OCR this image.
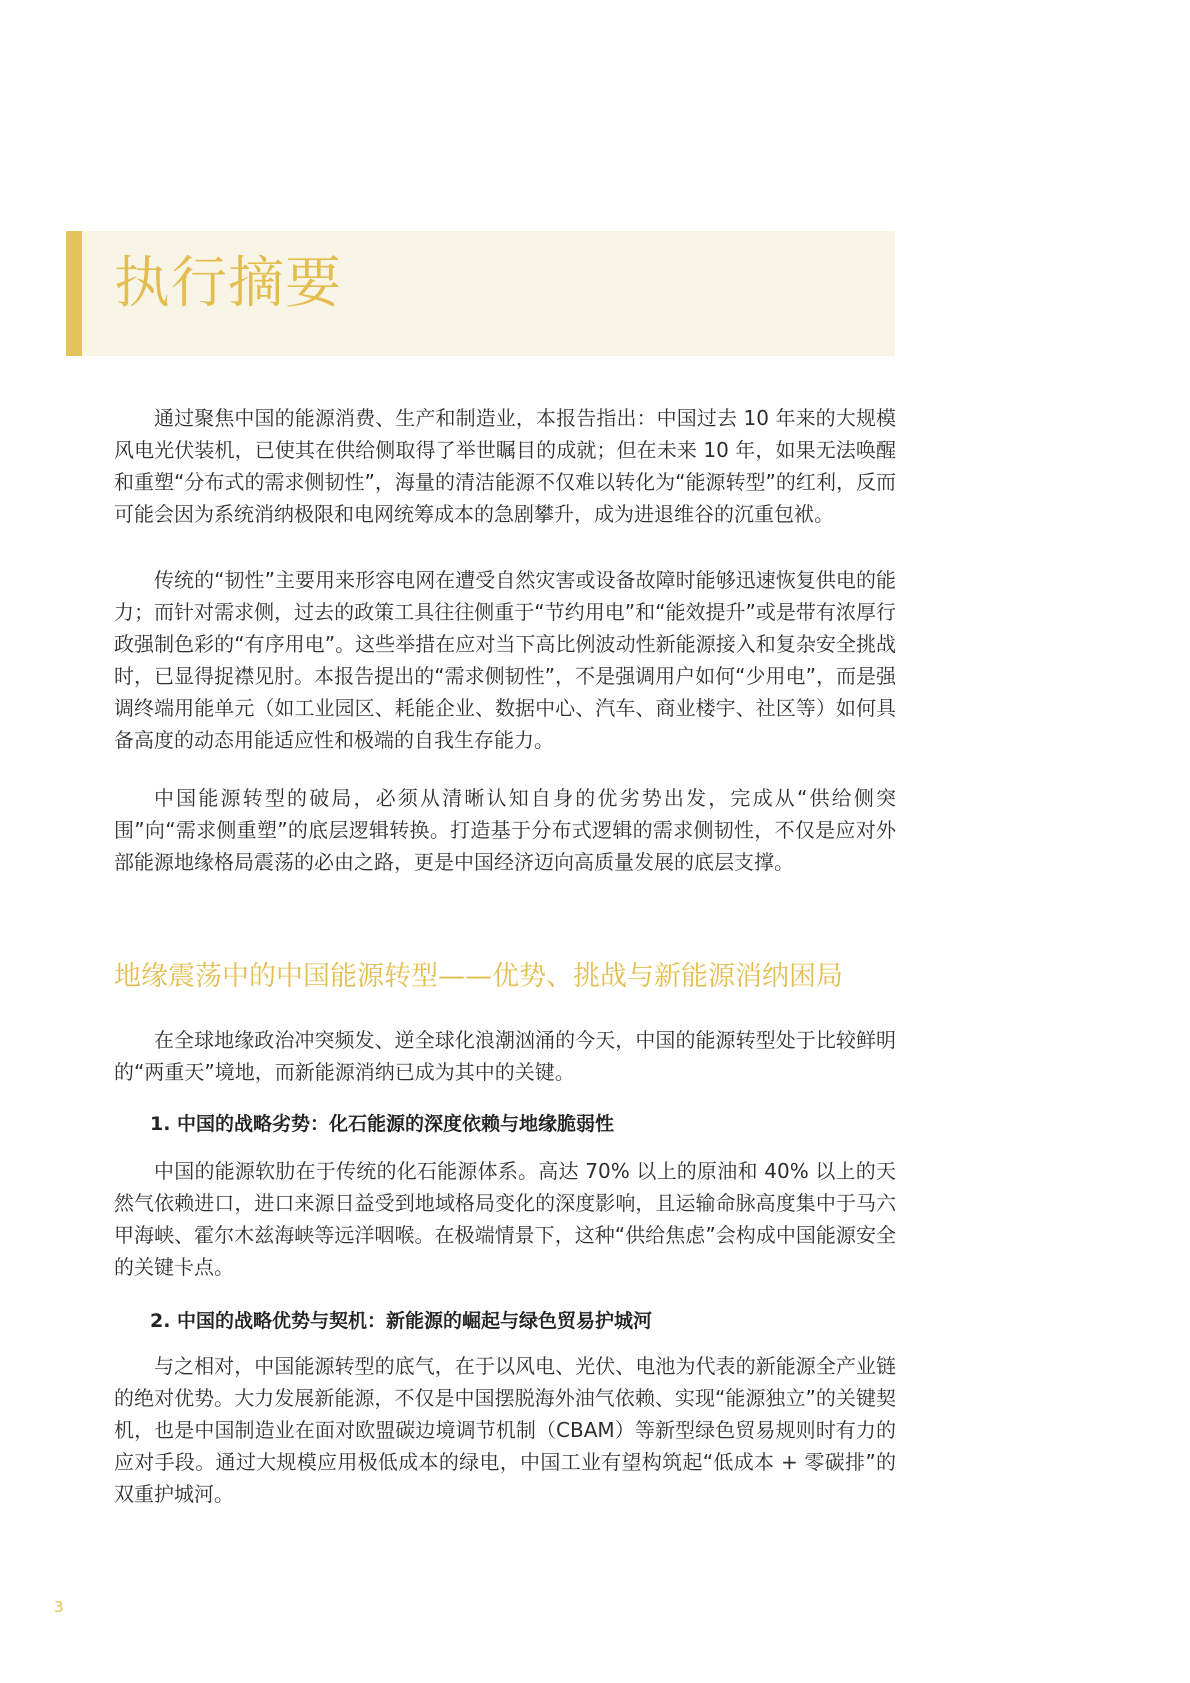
执行摘要

通过聚焦中国的能源消费、生产和制造业，本报告指出：中国过去 10 年来的大规模风电光伏装机，已使其在供给侧取得了举世瞩目的成就；但在未来 10 年，如果无法唤醒和重塑“分布式的需求侧韧性”，海量的清洁能源不仅难以转化为“能源转型”的红利，反而可能会因为系统消纳极限和电网统筹成本的急剧攀升，成为进退维谷的沉重包袱。

传统的“韧性”主要用来形容电网在遭受自然灾害或设备故障时能够迅速恢复供电的能力；而针对需求侧，过去的政策工具往往侧重于“节约用电”和“能效提升”或是带有浓厚行政强制色彩的“有序用电”。这些举措在应对当下高比例波动性新能源接入和复杂安全挑战时，已显得捉襟见肘。本报告提出的“需求侧韧性”，不是强调用户如何“少用电”，而是强调终端用能单元（如工业园区、耗能企业、数据中心、汽车、商业楼宇、社区等）如何具备高度的动态用能适应性和极端的自我生存能力。

中国能源转型的破局，必须从清晰认知自身的优劣势出发，完成从“供给侧突围”向“需求侧重塑”的底层逻辑转换。打造基于分布式逻辑的需求侧韧性，不仅是应对外部能源地缘格局震荡的必由之路，更是中国经济迈向高质量发展的底层支撑。

地缘震荡中的中国能源转型——优势、挑战与新能源消纳困局

在全球地缘政治冲突频发、逆全球化浪潮汹涌的今天，中国的能源转型处于比较鲜明的“两重天”境地，而新能源消纳已成为其中的关键。

1. 中国的战略劣势：化石能源的深度依赖与地缘脆弱性

中国的能源软肋在于传统的化石能源体系。高达 70% 以上的原油和 40% 以上的天然气依赖进口，进口来源日益受到地域格局变化的深度影响，且运输命脉高度集中于马六甲海峡、霍尔木兹海峡等远洋咽喉。在极端情景下，这种“供给焦虑”会构成中国能源安全的关键卡点。

2. 中国的战略优势与契机：新能源的崛起与绿色贸易护城河

与之相对，中国能源转型的底气，在于以风电、光伏、电池为代表的新能源全产业链的绝对优势。大力发展新能源，不仅是中国摆脱海外油气依赖、实现“能源独立”的关键契机，也是中国制造业在面对欧盟碳边境调节机制（CBAM）等新型绿色贸易规则时有力的应对手段。通过大规模应用极低成本的绿电，中国工业有望构筑起“低成本 + 零碳排”的双重护城河。

3
